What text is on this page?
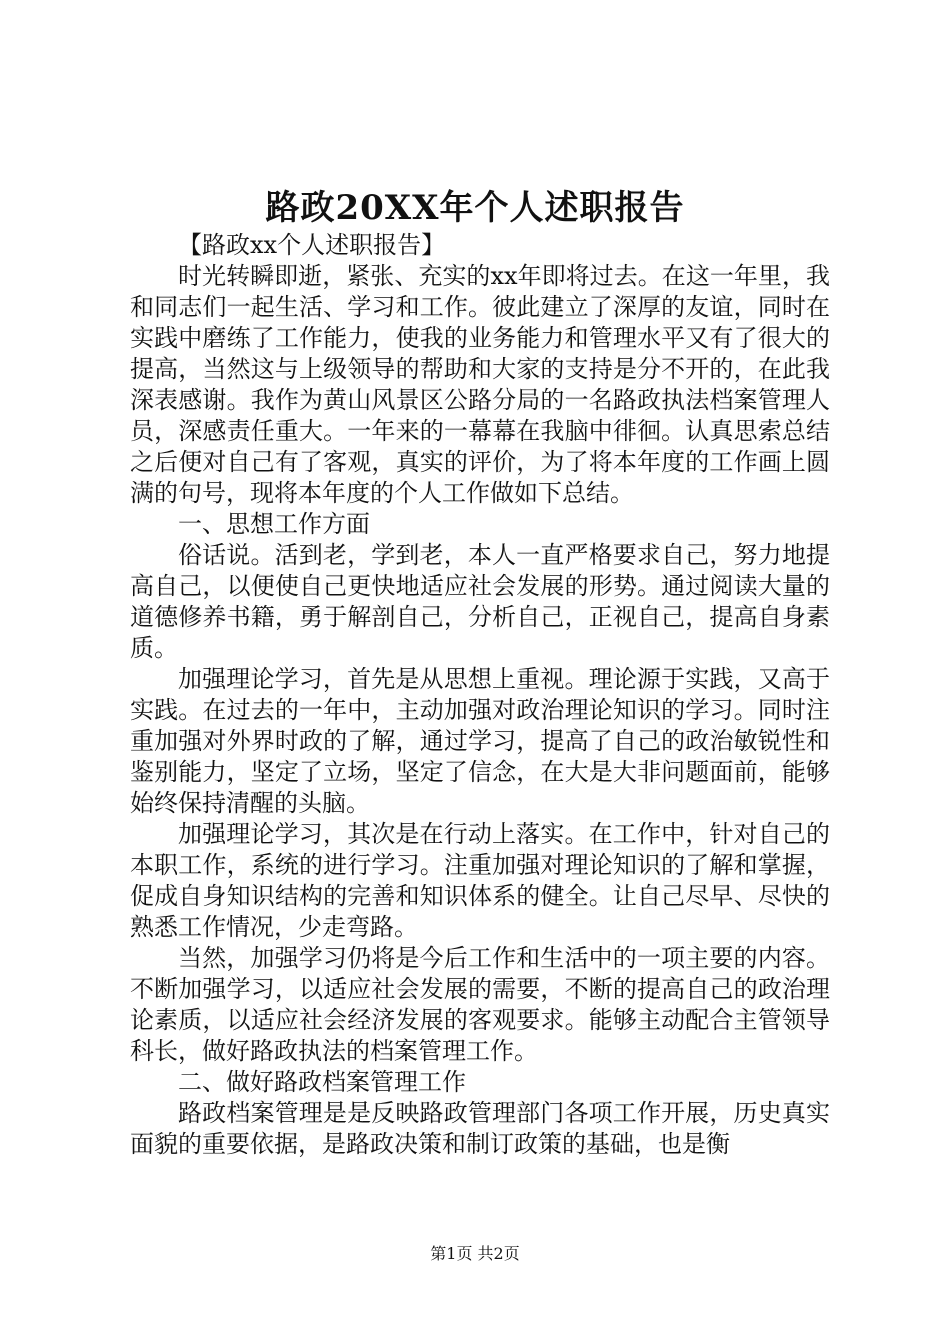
路政20XX年个人述职报告

【路政xx个人述职报告】

时光转瞬即逝，紧张、充实的xx年即将过去。在这一年里，我和同志们一起生活、学习和工作。彼此建立了深厚的友谊，同时在实践中磨练了工作能力，使我的业务能力和管理水平又有了很大的提高，当然这与上级领导的帮助和大家的支持是分不开的，在此我深表感谢。我作为黄山风景区公路分局的一名路政执法档案管理人员，深感责任重大。一年来的一幕幕在我脑中徘徊。认真思索总结之后便对自己有了客观，真实的评价，为了将本年度的工作画上圆满的句号，现将本年度的个人工作做如下总结。

一、思想工作方面

俗话说。活到老，学到老，本人一直严格要求自己，努力地提高自己，以便使自己更快地适应社会发展的形势。通过阅读大量的道德修养书籍，勇于解剖自己，分析自己，正视自己，提高自身素质。

加强理论学习，首先是从思想上重视。理论源于实践，又高于实践。在过去的一年中，主动加强对政治理论知识的学习。同时注重加强对外界时政的了解，通过学习，提高了自己的政治敏锐性和鉴别能力，坚定了立场，坚定了信念，在大是大非问题面前，能够始终保持清醒的头脑。

加强理论学习，其次是在行动上落实。在工作中，针对自己的本职工作，系统的进行学习。注重加强对理论知识的了解和掌握，促成自身知识结构的完善和知识体系的健全。让自己尽早、尽快的熟悉工作情况，少走弯路。

当然，加强学习仍将是今后工作和生活中的一项主要的内容。不断加强学习，以适应社会发展的需要，不断的提高自己的政治理论素质，以适应社会经济发展的客观要求。能够主动配合主管领导科长，做好路政执法的档案管理工作。

二、做好路政档案管理工作

路政档案管理是是反映路政管理部门各项工作开展，历史真实面貌的重要依据，是路政决策和制订政策的基础，也是衡

第1页 共2页
